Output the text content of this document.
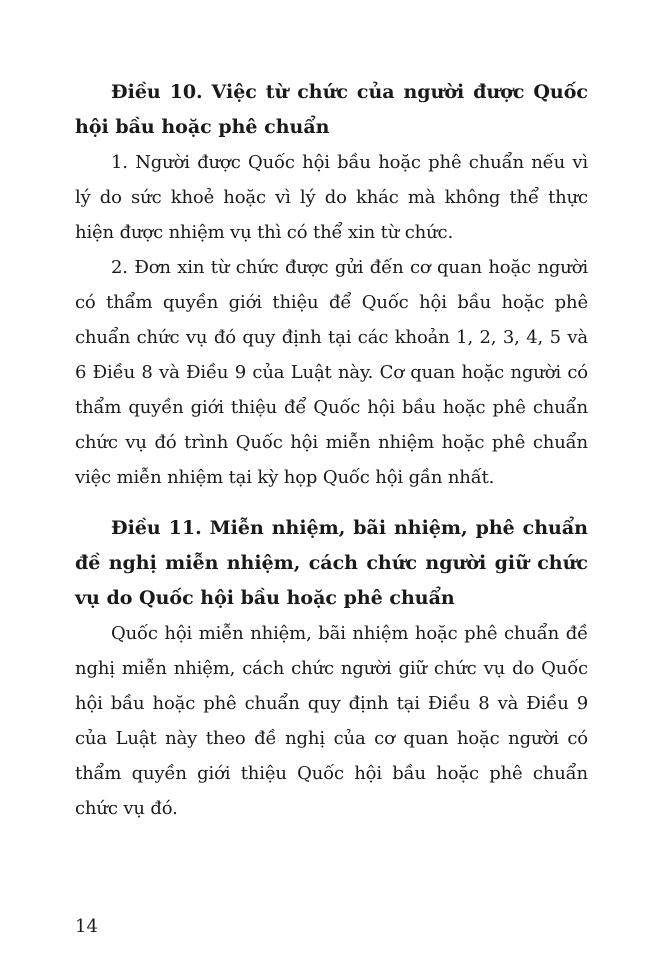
Điều 10. Việc từ chức của người được Quốc hội bầu hoặc phê chuẩn

1. Người được Quốc hội bầu hoặc phê chuẩn nếu vì lý do sức khoẻ hoặc vì lý do khác mà không thể thực hiện được nhiệm vụ thì có thể xin từ chức.

2. Đơn xin từ chức được gửi đến cơ quan hoặc người có thẩm quyền giới thiệu để Quốc hội bầu hoặc phê chuẩn chức vụ đó quy định tại các khoản 1, 2, 3, 4, 5 và 6 Điều 8 và Điều 9 của Luật này. Cơ quan hoặc người có thẩm quyền giới thiệu để Quốc hội bầu hoặc phê chuẩn chức vụ đó trình Quốc hội miễn nhiệm hoặc phê chuẩn việc miễn nhiệm tại kỳ họp Quốc hội gần nhất.

Điều 11. Miễn nhiệm, bãi nhiệm, phê chuẩn đề nghị miễn nhiệm, cách chức người giữ chức vụ do Quốc hội bầu hoặc phê chuẩn

Quốc hội miễn nhiệm, bãi nhiệm hoặc phê chuẩn đề nghị miễn nhiệm, cách chức người giữ chức vụ do Quốc hội bầu hoặc phê chuẩn quy định tại Điều 8 và Điều 9 của Luật này theo đề nghị của cơ quan hoặc người có thẩm quyền giới thiệu Quốc hội bầu hoặc phê chuẩn chức vụ đó.

14
